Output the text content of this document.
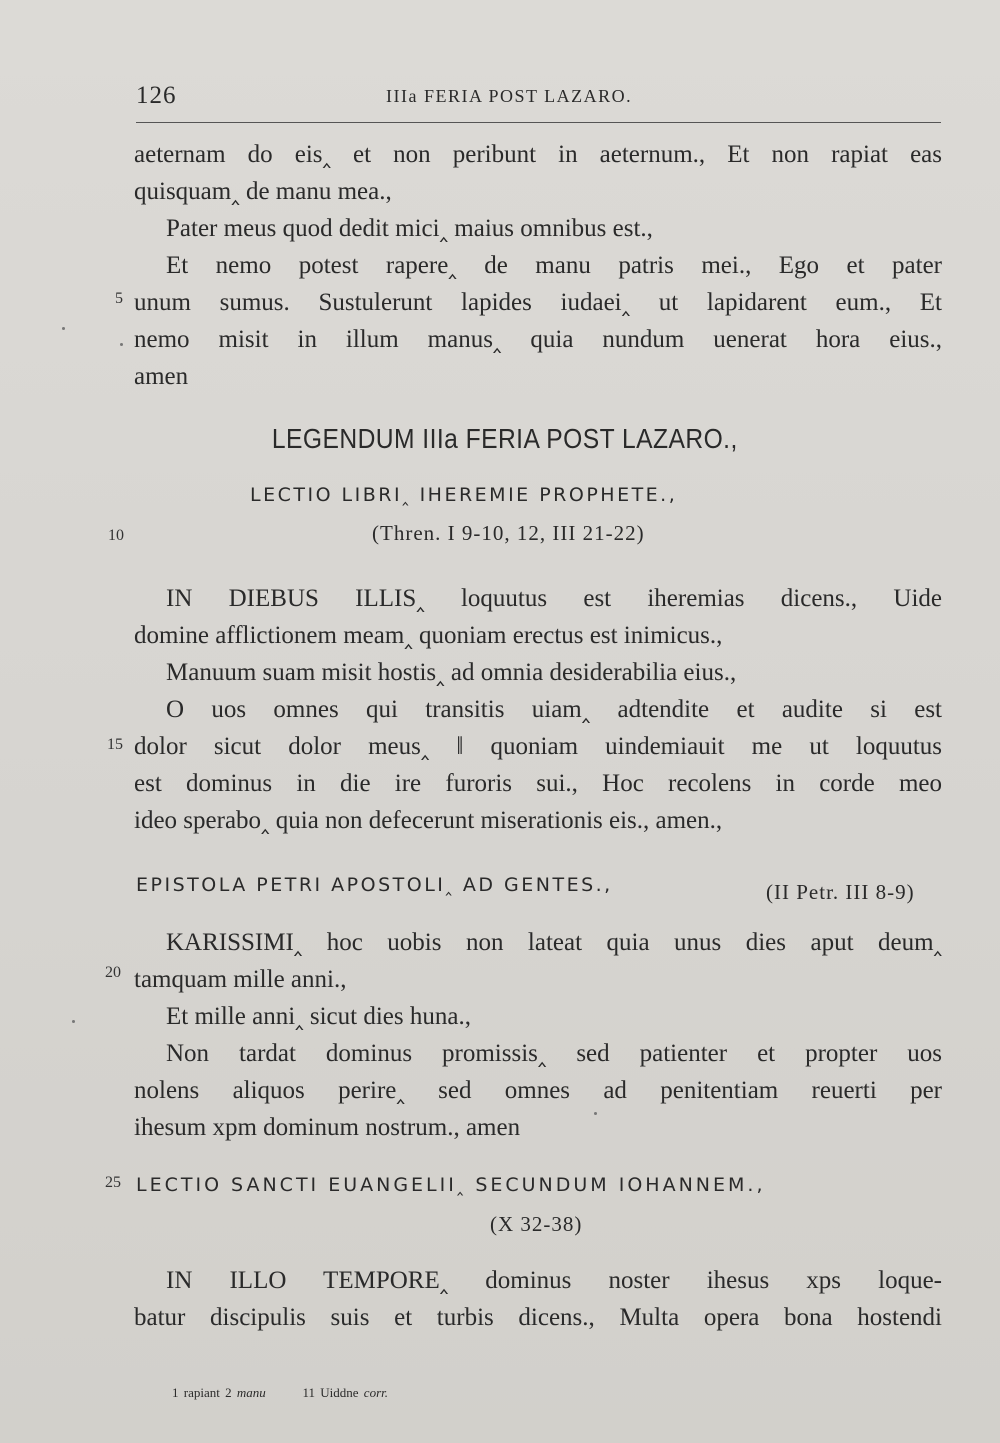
126	IIIa FERIA POST LAZARO.
aeternam do eis‸ et non peribunt in aeternum., Et non rapiat eas
quisquam‸ de manu mea.,
Pater meus quod dedit mici‸ maius omnibus est.,
Et nemo potest rapere‸ de manu patris mei., Ego et pater
unum sumus. Sustulerunt lapides iudaei‸ ut lapidarent eum., Et
nemo misit in illum manus‸ quia nundum uenerat hora eius.,
amen
5
LEGENDUM IIIa FERIA POST LAZARO.,
LECTIO LIBRI‸ IHEREMIE PROPHETE.,
10	(Thren. I 9-10, 12, III 21-22)
IN DIEBUS ILLIS‸ loquutus est iheremias dicens., Uide
domine afflictionem meam‸ quoniam erectus est inimicus.,
Manuum suam misit hostis‸ ad omnia desiderabilia eius.,
O uos omnes qui transitis uiam‸ adtendite et audite si est
dolor sicut dolor meus‸ ‖ quoniam uindemiauit me ut loquutus
est dominus in die ire furoris sui., Hoc recolens in corde meo
ideo sperabo‸ quia non defecerunt miserationis eis., amen.,
15
EPISTOLA PETRI APOSTOLI‸ AD GENTES.,	(II Petr. III 8-9)
KARISSIMI‸ hoc uobis non lateat quia unus dies aput deum‸
tamquam mille anni.,
Et mille anni‸ sicut dies huna.,
Non tardat dominus promissis‸ sed patienter et propter uos
nolens aliquos perire‸ sed omnes ad penitentiam reuerti per
ihesum xpm dominum nostrum., amen
20
25 LECTIO SANCTI EUANGELII‸ SECUNDUM IOHANNEM.,
(X 32-38)
IN ILLO TEMPORE‸ dominus noster ihesus xps loque-
batur discipulis suis et turbis dicens., Multa opera bona hostendi
1 rapiant 2 manu	11 Uiddne corr.
